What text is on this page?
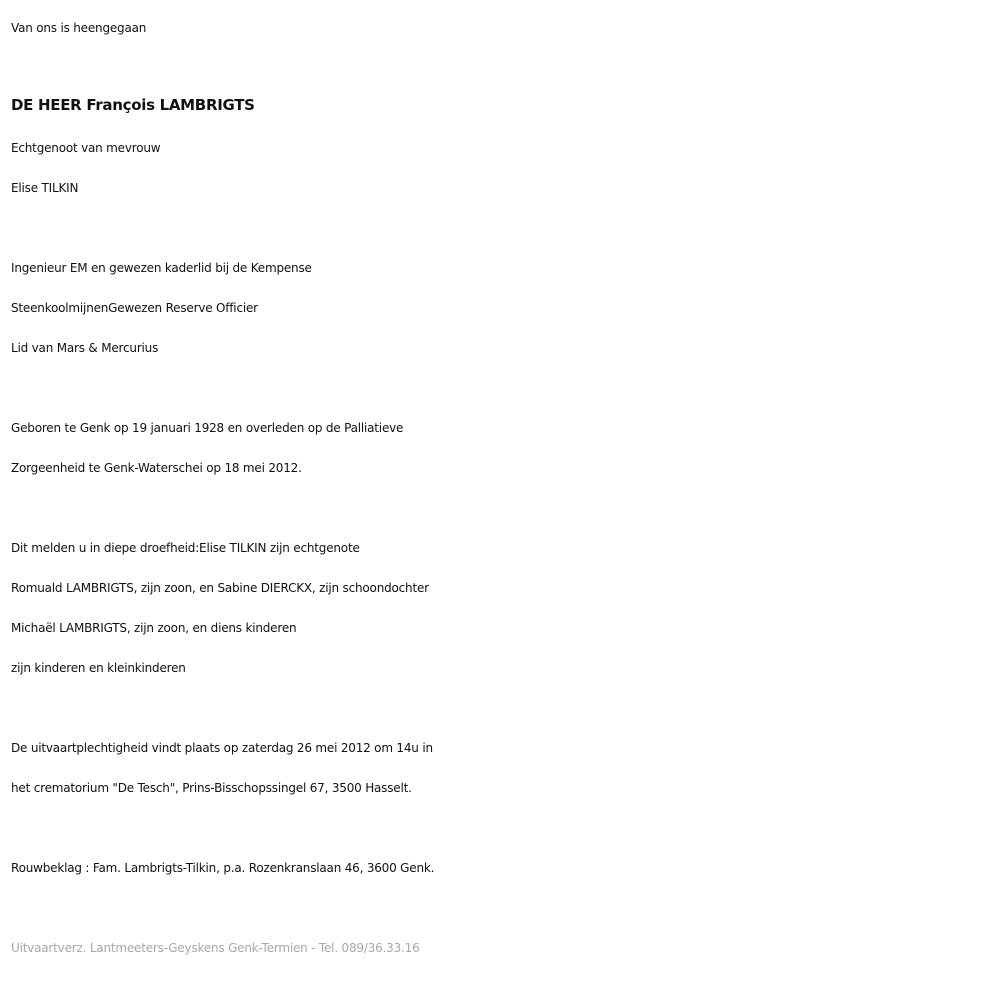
Van ons is heengegaan
DE HEER François LAMBRIGTS
Echtgenoot van mevrouw
Elise TILKIN
Ingenieur EM en gewezen kaderlid bij de Kempense
SteenkoolmijnenGewezen Reserve Officier
Lid van Mars & Mercurius
Geboren te Genk op 19 januari 1928 en overleden op de Palliatieve
Zorgeenheid te Genk-Waterschei op 18 mei 2012.
Dit melden u in diepe droefheid:Elise TILKIN zijn echtgenote
Romuald LAMBRIGTS, zijn zoon, en Sabine DIERCKX, zijn schoondochter
Michaël LAMBRIGTS, zijn zoon, en diens kinderen
zijn kinderen en kleinkinderen
De uitvaartplechtigheid vindt plaats op zaterdag 26 mei 2012 om 14u in
het crematorium "De Tesch", Prins-Bisschopssingel 67, 3500 Hasselt.
Rouwbeklag : Fam. Lambrigts-Tilkin, p.a. Rozenkranslaan 46, 3600 Genk.
Uitvaartverz. Lantmeeters-Geyskens Genk-Termien - Tel. 089/36.33.16
